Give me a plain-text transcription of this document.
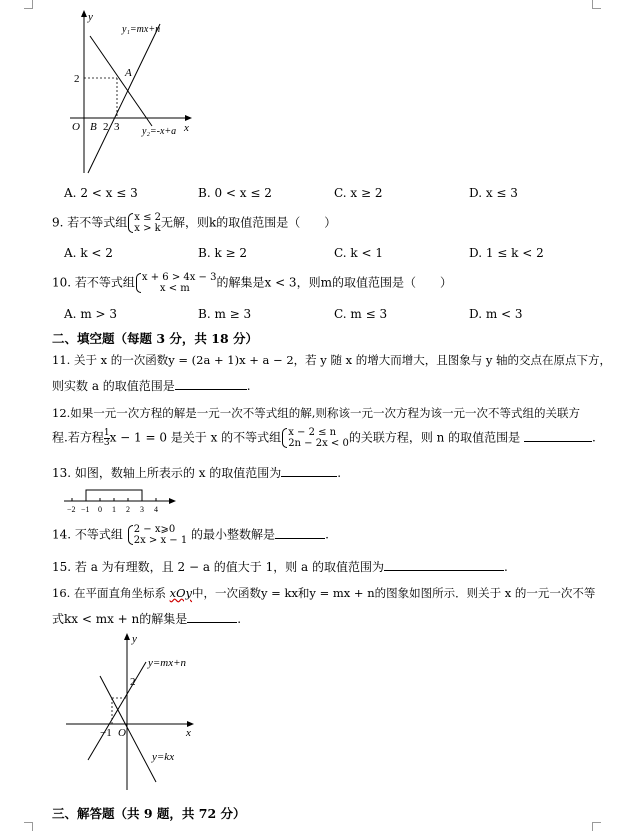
y
x
y₁=mx+n
y₂=-x+a
O B 2 3
2	A
A. 2 < x ≤ 3	B. 0 < x ≤ 2	C. x ≥ 2	D. x ≤ 3
9. 若不等式组 x ≤ 2
x > k无解，则k的取值范围是（　　）
A. k < 2	B. k ≥ 2	C. k < 1	D. 1 ≤ k < 2
10. 若不等式组 x + 6 > 4x − 3
x < m 的解集是x < 3，则m的取值范围是（　　）
A. m > 3	B. m ≥ 3	C. m ≤ 3	D. m < 3
二、填空题（每题 3 分，共 18 分）
11. 关于 x 的一次函数y = (2a + 1)x + a − 2，若 y 随 x 的增大而增大，且图象与 y 轴的交点在原点下方，
则实数 a 的取值范围是	.
12.如果一元一次方程的解是一元一次不等式组的解,则称该一元一次方程为该一元一次不等式组的关联方
程.若方程 $\frac{1}{3}$ x − 1 = 0 是关于 x 的不等式组 x − 2 ≤ n
2n − 2x < 0的关联方程，则 n 的取值范围是	.
13. 如图，数轴上所表示的 x 的取值范围为	.
−2 −1 0 1 2 3 4
14. 不等式组 2 − x⩾0
2x > x − 1 的最小整数解是	.
15. 若 a 为有理数，且 2 − a 的值大于 1，则 a 的取值范围为	.
16. 在平面直角坐标系 xOy中，一次函数y = kx和y = mx + n的图象如图所示．则关于 x 的一元一次不等
式kx < mx + n的解集是	.
y
x
y=mx+n
y=kx
2
−1 O
三、解答题（共 9 题，共 72 分）
